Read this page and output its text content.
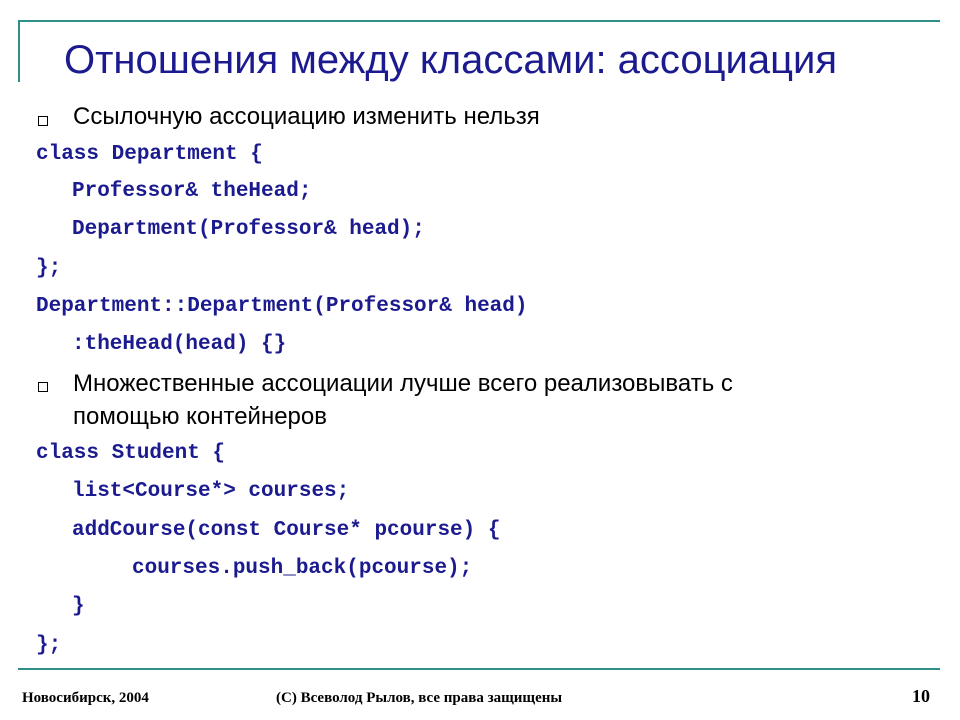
Отношения между классами: ассоциация
Ссылочную ассоциацию изменить нельзя
class Department {
Professor& theHead;
Department(Professor& head);
};
Department::Department(Professor& head)
:theHead(head) {}
Множественные ассоциации лучше всего реализовывать с
помощью контейнеров
class Student {
list<Course*> courses;
addCourse(const Course* pcourse) {
courses.push_back(pcourse);
}
};
Новосибирск, 2004	(С) Всеволод Рылов, все права защищены	10
